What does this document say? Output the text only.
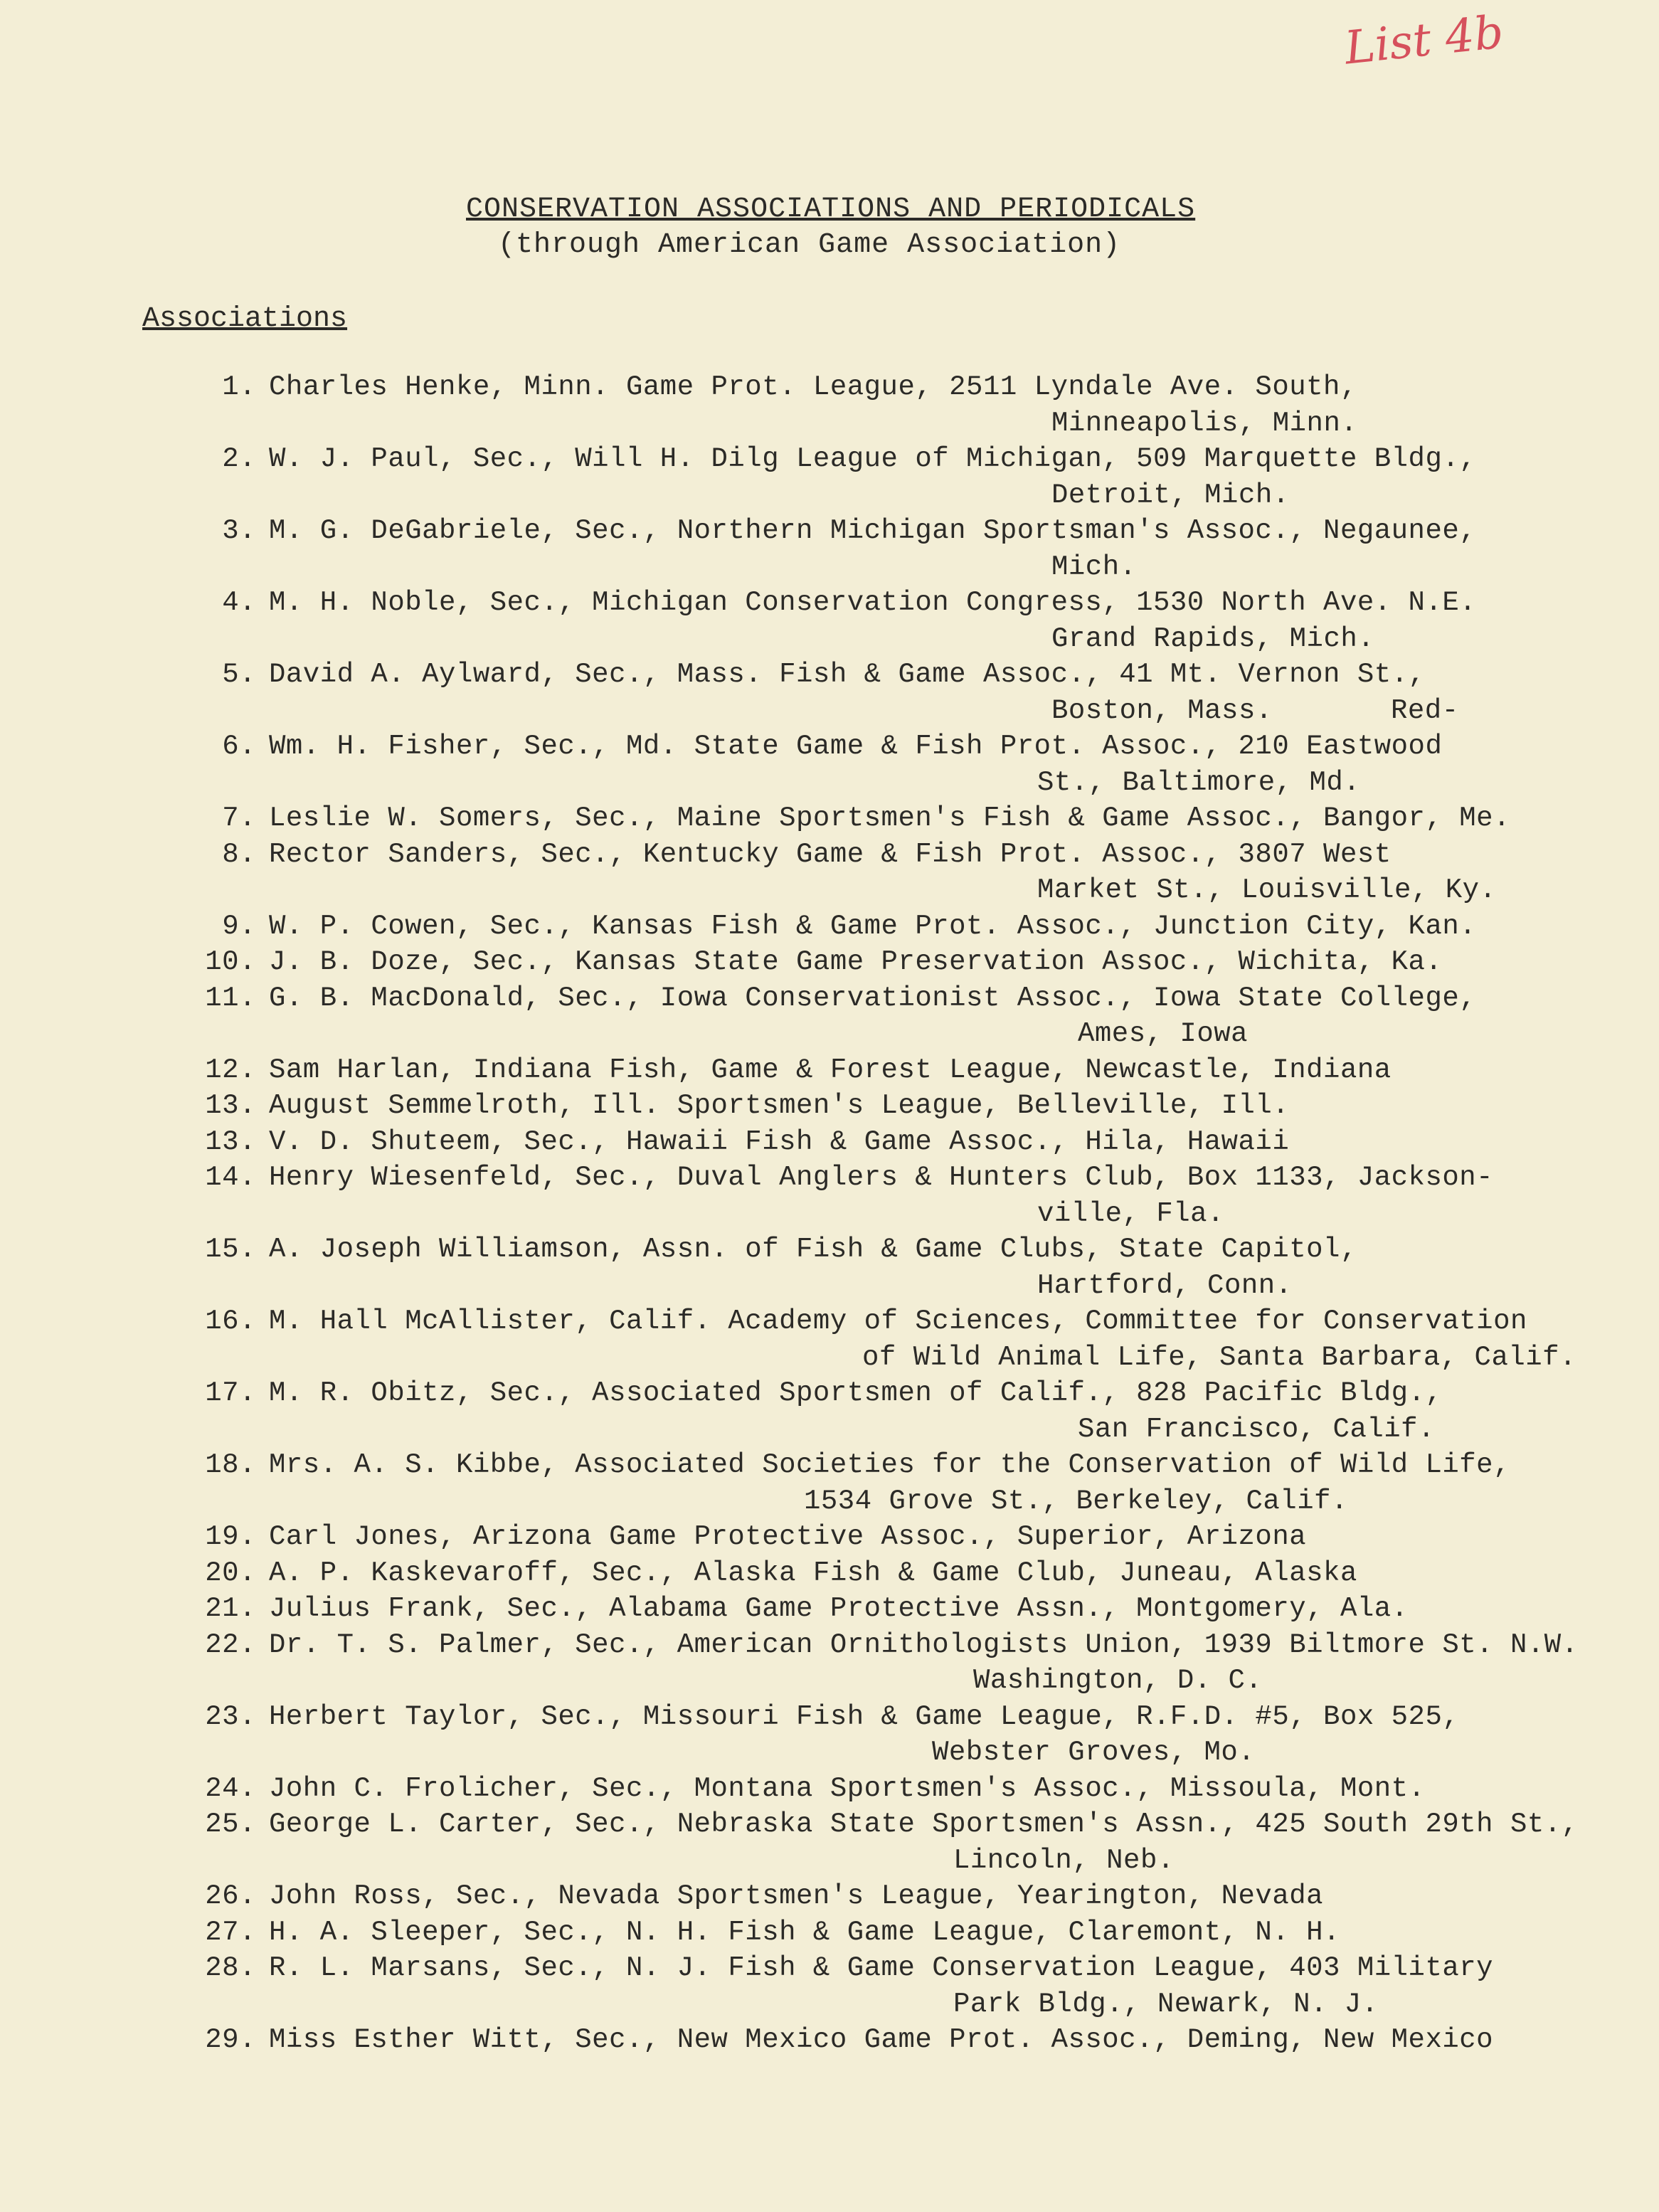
List 4b
CONSERVATION ASSOCIATIONS AND PERIODICALS
(through American Game Association)
Associations
1. Charles Henke, Minn. Game Prot. League, 2511 Lyndale Ave. South,
Minneapolis, Minn.
2. W. J. Paul, Sec., Will H. Dilg League of Michigan, 509 Marquette Bldg.,
Detroit, Mich.
3. M. G. DeGabriele, Sec., Northern Michigan Sportsman's Assoc., Negaunee,
Mich.
4. M. H. Noble, Sec., Michigan Conservation Congress, 1530 North Ave. N.E.
Grand Rapids, Mich.
5. David A. Aylward, Sec., Mass. Fish & Game Assoc., 41 Mt. Vernon St.,
Boston, Mass.	Red-
6. Wm. H. Fisher, Sec., Md. State Game & Fish Prot. Assoc., 210 Eastwood
St., Baltimore, Md.
7. Leslie W. Somers, Sec., Maine Sportsmen's Fish & Game Assoc., Bangor, Me.
8. Rector Sanders, Sec., Kentucky Game & Fish Prot. Assoc., 3807 West
Market St., Louisville, Ky.
9. W. P. Cowen, Sec., Kansas Fish & Game Prot. Assoc., Junction City, Kan.
10. J. B. Doze, Sec., Kansas State Game Preservation Assoc., Wichita, Ka.
11. G. B. MacDonald, Sec., Iowa Conservationist Assoc., Iowa State College,
Ames, Iowa
12. Sam Harlan, Indiana Fish, Game & Forest League, Newcastle, Indiana
13. August Semmelroth, Ill. Sportsmen's League, Belleville, Ill.
13. V. D. Shuteem, Sec., Hawaii Fish & Game Assoc., Hila, Hawaii
14. Henry Wiesenfeld, Sec., Duval Anglers & Hunters Club, Box 1133, Jackson-
ville, Fla.
15. A. Joseph Williamson, Assn. of Fish & Game Clubs, State Capitol,
Hartford, Conn.
16. M. Hall McAllister, Calif. Academy of Sciences, Committee for Conservation
of Wild Animal Life, Santa Barbara, Calif.
17. M. R. Obitz, Sec., Associated Sportsmen of Calif., 828 Pacific Bldg.,
San Francisco, Calif.
18. Mrs. A. S. Kibbe, Associated Societies for the Conservation of Wild Life,
1534 Grove St., Berkeley, Calif.
19. Carl Jones, Arizona Game Protective Assoc., Superior, Arizona
20. A. P. Kaskevaroff, Sec., Alaska Fish & Game Club, Juneau, Alaska
21. Julius Frank, Sec., Alabama Game Protective Assn., Montgomery, Ala.
22. Dr. T. S. Palmer, Sec., American Ornithologists Union, 1939 Biltmore St. N.W.
Washington, D. C.
23. Herbert Taylor, Sec., Missouri Fish & Game League, R.F.D. #5, Box 525,
Webster Groves, Mo.
24. John C. Frolicher, Sec., Montana Sportsmen's Assoc., Missoula, Mont.
25. George L. Carter, Sec., Nebraska State Sportsmen's Assn., 425 South 29th St.,
Lincoln, Neb.
26. John Ross, Sec., Nevada Sportsmen's League, Yearington, Nevada
27. H. A. Sleeper, Sec., N. H. Fish & Game League, Claremont, N. H.
28. R. L. Marsans, Sec., N. J. Fish & Game Conservation League, 403 Military
Park Bldg., Newark, N. J.
29. Miss Esther Witt, Sec., New Mexico Game Prot. Assoc., Deming, New Mexico
